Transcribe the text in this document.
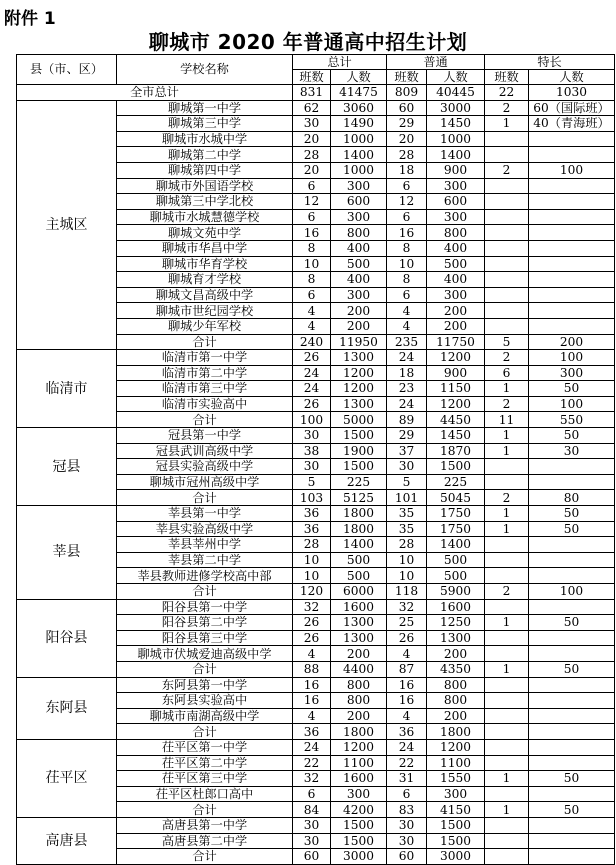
附件 1
聊城市 2020 年普通高中招生计划
县（市、区）	学校名称	总计		普通		特长	
		班数	人数	班数	人数	班数	人数
全市总计		831	41475	809	40445	22	1030
主城区	聊城第一中学	62	3060	60	3000	2	60（国际班）
	聊城第三中学	30	1490	29	1450	1	40（青海班）
	聊城市水城中学	20	1000	20	1000		
	聊城第二中学	28	1400	28	1400		
	聊城第四中学	20	1000	18	900	2	100
	聊城市外国语学校	6	300	6	300		
	聊城第三中学北校	12	600	12	600		
	聊城市水城慧德学校	6	300	6	300		
	聊城文苑中学	16	800	16	800		
	聊城市华昌中学	8	400	8	400		
	聊城市华育学校	10	500	10	500		
	聊城育才学校	8	400	8	400		
	聊城文昌高级中学	6	300	6	300		
	聊城市世纪园学校	4	200	4	200		
	聊城少年军校	4	200	4	200		
	合计	240	11950	235	11750	5	200
临清市	临清市第一中学	26	1300	24	1200	2	100
	临清市第二中学	24	1200	18	900	6	300
	临清市第三中学	24	1200	23	1150	1	50
	临清市实验高中	26	1300	24	1200	2	100
	合计	100	5000	89	4450	11	550
冠县	冠县第一中学	30	1500	29	1450	1	50
	冠县武训高级中学	38	1900	37	1870	1	30
	冠县实验高级中学	30	1500	30	1500		
	聊城市冠州高级中学	5	225	5	225		
	合计	103	5125	101	5045	2	80
莘县	莘县第一中学	36	1800	35	1750	1	50
	莘县实验高级中学	36	1800	35	1750	1	50
	莘县莘州中学	28	1400	28	1400		
	莘县第二中学	10	500	10	500		
	莘县教师进修学校高中部	10	500	10	500		
	合计	120	6000	118	5900	2	100
阳谷县	阳谷县第一中学	32	1600	32	1600		
	阳谷县第二中学	26	1300	25	1250	1	50
	阳谷县第三中学	26	1300	26	1300		
	聊城市伏城爱迪高级中学	4	200	4	200		
	合计	88	4400	87	4350	1	50
东阿县	东阿县第一中学	16	800	16	800		
	东阿县实验高中	16	800	16	800		
	聊城市南湖高级中学	4	200	4	200		
	合计	36	1800	36	1800		
茌平区	茌平区第一中学	24	1200	24	1200		
	茌平区第二中学	22	1100	22	1100		
	茌平区第三中学	32	1600	31	1550	1	50
	茌平区杜郎口高中	6	300	6	300		
	合计	84	4200	83	4150	1	50
高唐县	高唐县第一中学	30	1500	30	1500		
	高唐县第二中学	30	1500	30	1500		
	合计	60	3000	60	3000		
